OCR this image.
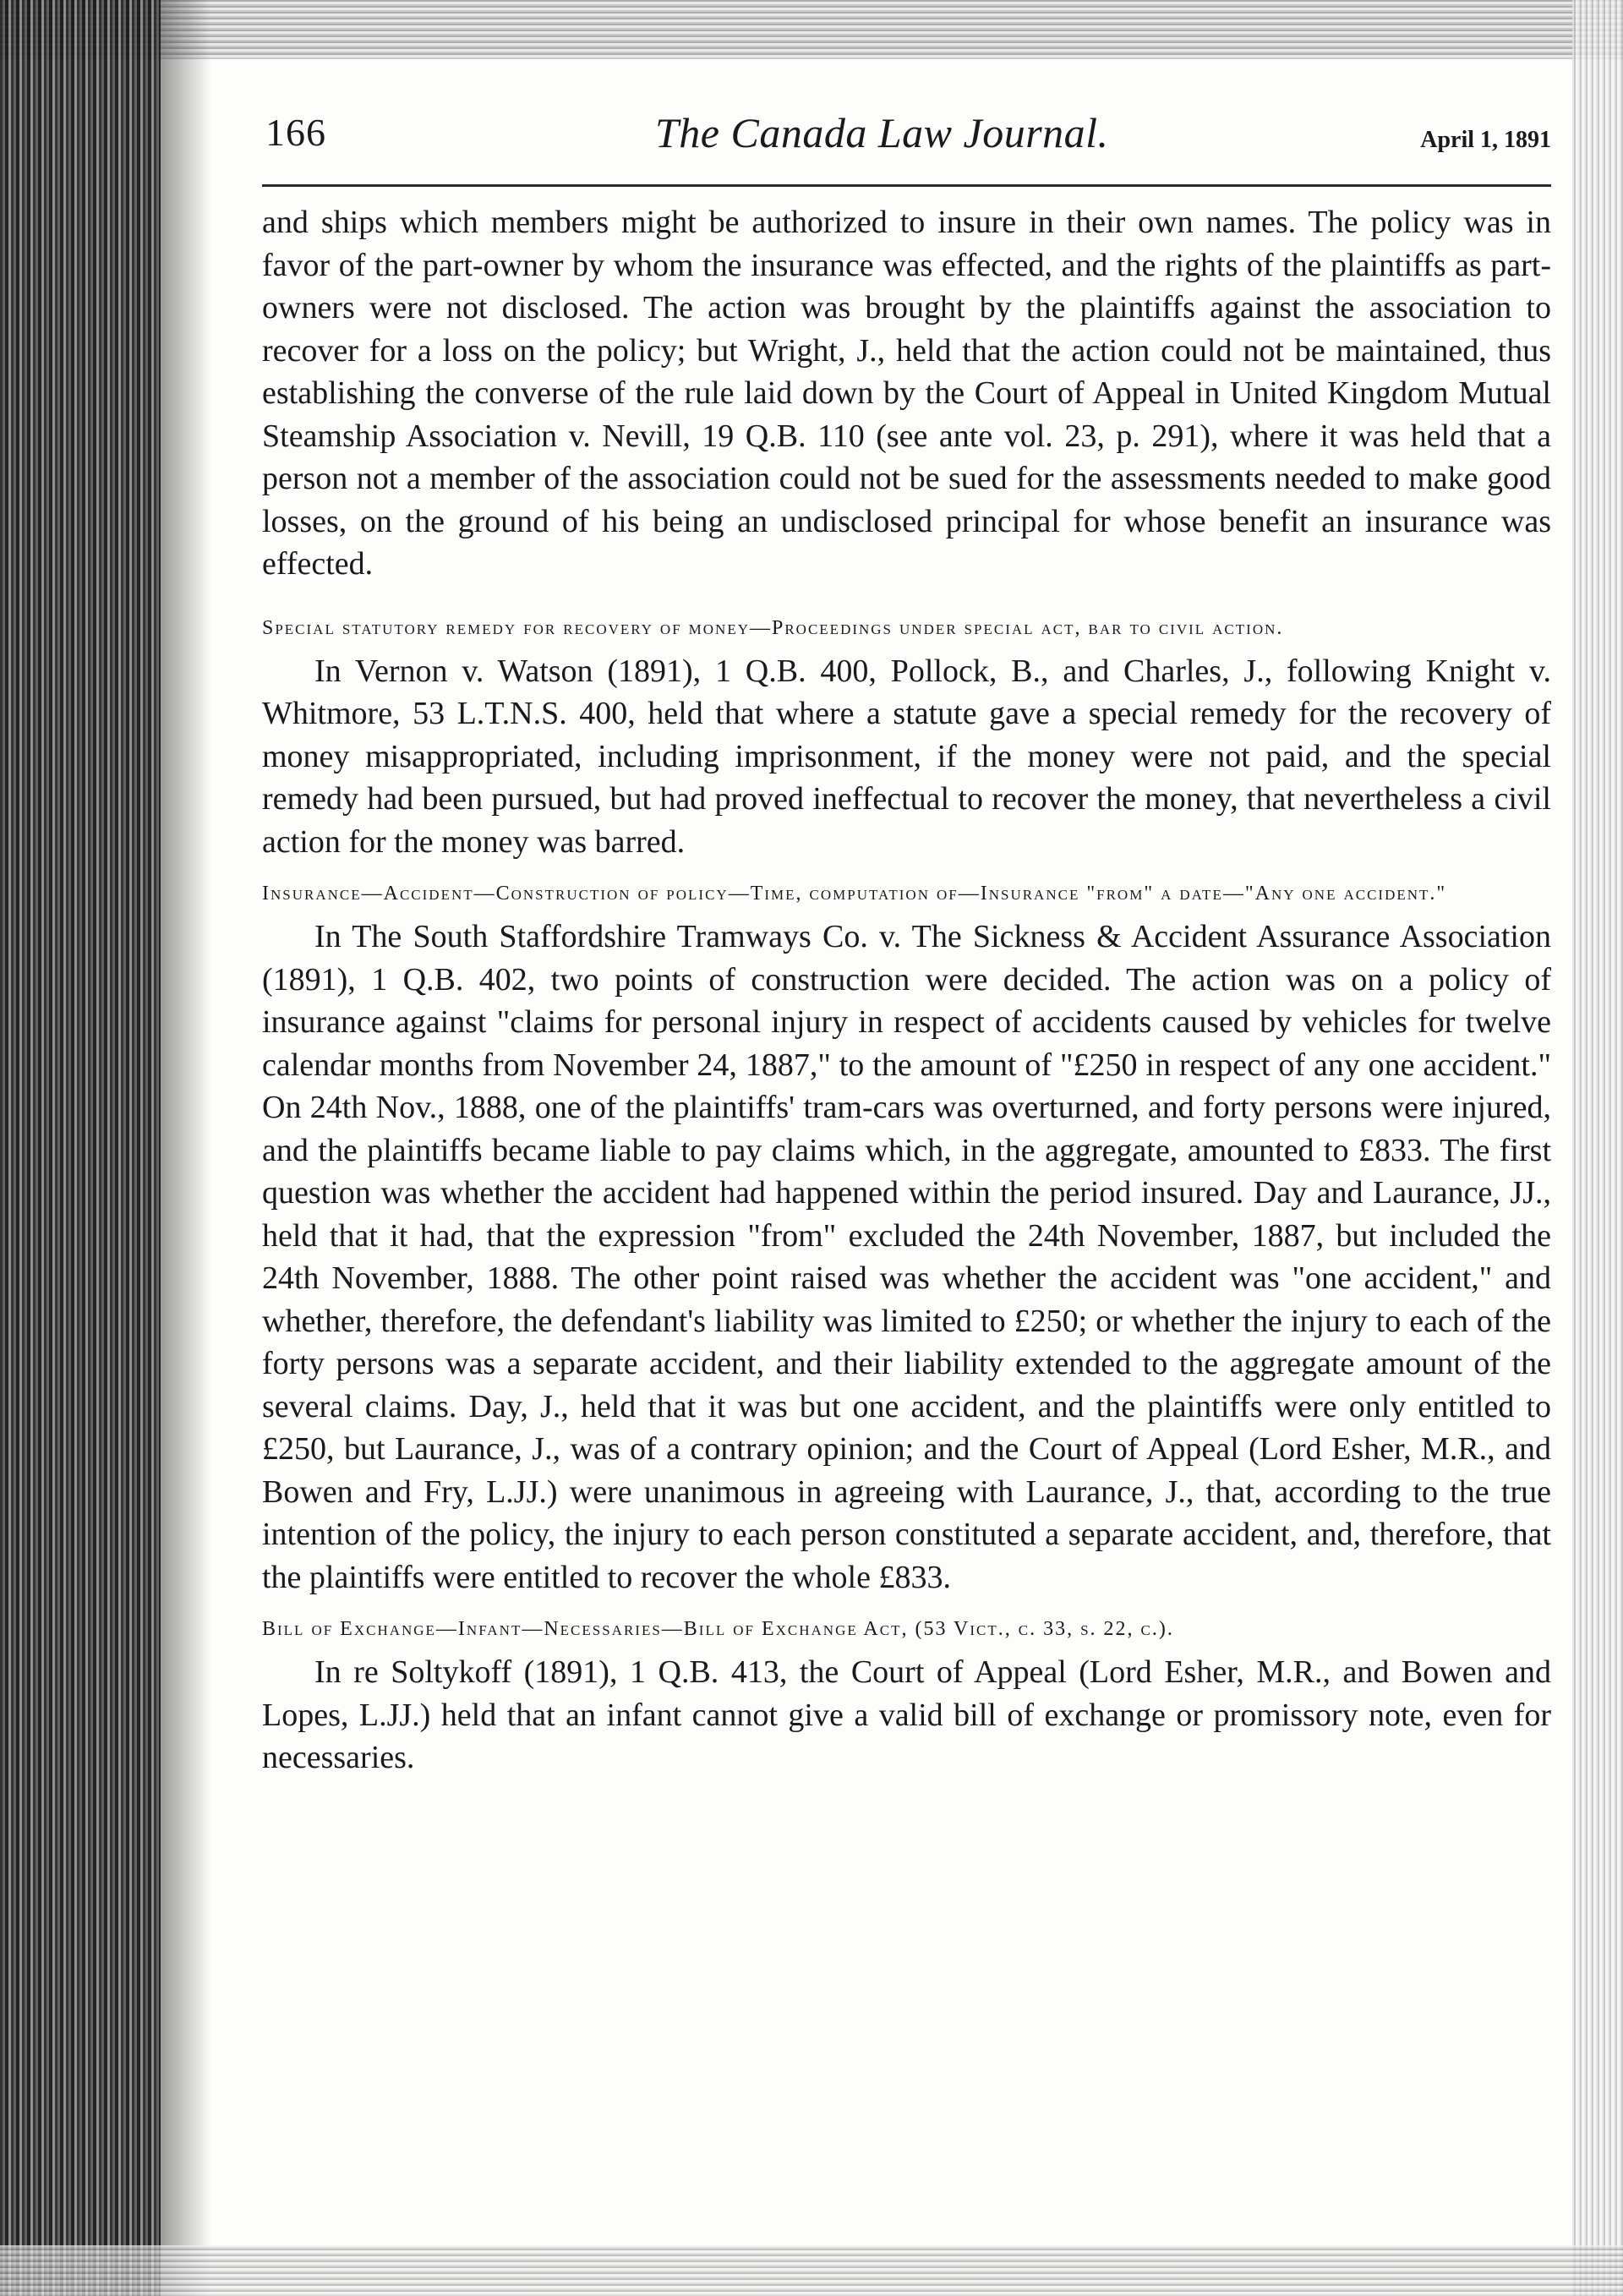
166	The Canada Law Journal.	April 1, 1891

and ships which members might be authorized to insure in their own names. The policy was in favor of the part-owner by whom the insurance was effected, and the rights of the plaintiffs as part-owners were not disclosed. The action was brought by the plaintiffs against the association to recover for a loss on the policy; but Wright, J., held that the action could not be maintained, thus establishing the converse of the rule laid down by the Court of Appeal in United Kingdom Mutual Steamship Association v. Nevill, 19 Q.B. 110 (see ante vol. 23, p. 291), where it was held that a person not a member of the association could not be sued for the assessments needed to make good losses, on the ground of his being an undisclosed principal for whose benefit an insurance was effected.

Special statutory remedy for recovery of money—Proceedings under special act, bar to civil action.

In Vernon v. Watson (1891), 1 Q.B. 400, Pollock, B., and Charles, J., following Knight v. Whitmore, 53 L.T.N.S. 400, held that where a statute gave a special remedy for the recovery of money misappropriated, including imprisonment, if the money were not paid, and the special remedy had been pursued, but had proved ineffectual to recover the money, that nevertheless a civil action for the money was barred.

Insurance—Accident—Construction of policy—Time, computation of—Insurance "from" a date—"Any one accident."

In The South Staffordshire Tramways Co. v. The Sickness & Accident Assurance Association (1891), 1 Q.B. 402, two points of construction were decided. The action was on a policy of insurance against "claims for personal injury in respect of accidents caused by vehicles for twelve calendar months from November 24, 1887," to the amount of "£250 in respect of any one accident." On 24th Nov., 1888, one of the plaintiffs' tram-cars was overturned, and forty persons were injured, and the plaintiffs became liable to pay claims which, in the aggregate, amounted to £833. The first question was whether the accident had happened within the period insured. Day and Laurance, JJ., held that it had, that the expression "from" excluded the 24th November, 1887, but included the 24th November, 1888. The other point raised was whether the accident was "one accident," and whether, therefore, the defendant's liability was limited to £250; or whether the injury to each of the forty persons was a separate accident, and their liability extended to the aggregate amount of the several claims. Day, J., held that it was but one accident, and the plaintiffs were only entitled to £250, but Laurance, J., was of a contrary opinion; and the Court of Appeal (Lord Esher, M.R., and Bowen and Fry, L.JJ.) were unanimous in agreeing with Laurance, J., that, according to the true intention of the policy, the injury to each person constituted a separate accident, and, therefore, that the plaintiffs were entitled to recover the whole £833.

Bill of Exchange—Infant—Necessaries—Bill of Exchange Act, (53 Vict., c. 33, s. 22, c.).

In re Soltykoff (1891), 1 Q.B. 413, the Court of Appeal (Lord Esher, M.R., and Bowen and Lopes, L.JJ.) held that an infant cannot give a valid bill of exchange or promissory note, even for necessaries.
